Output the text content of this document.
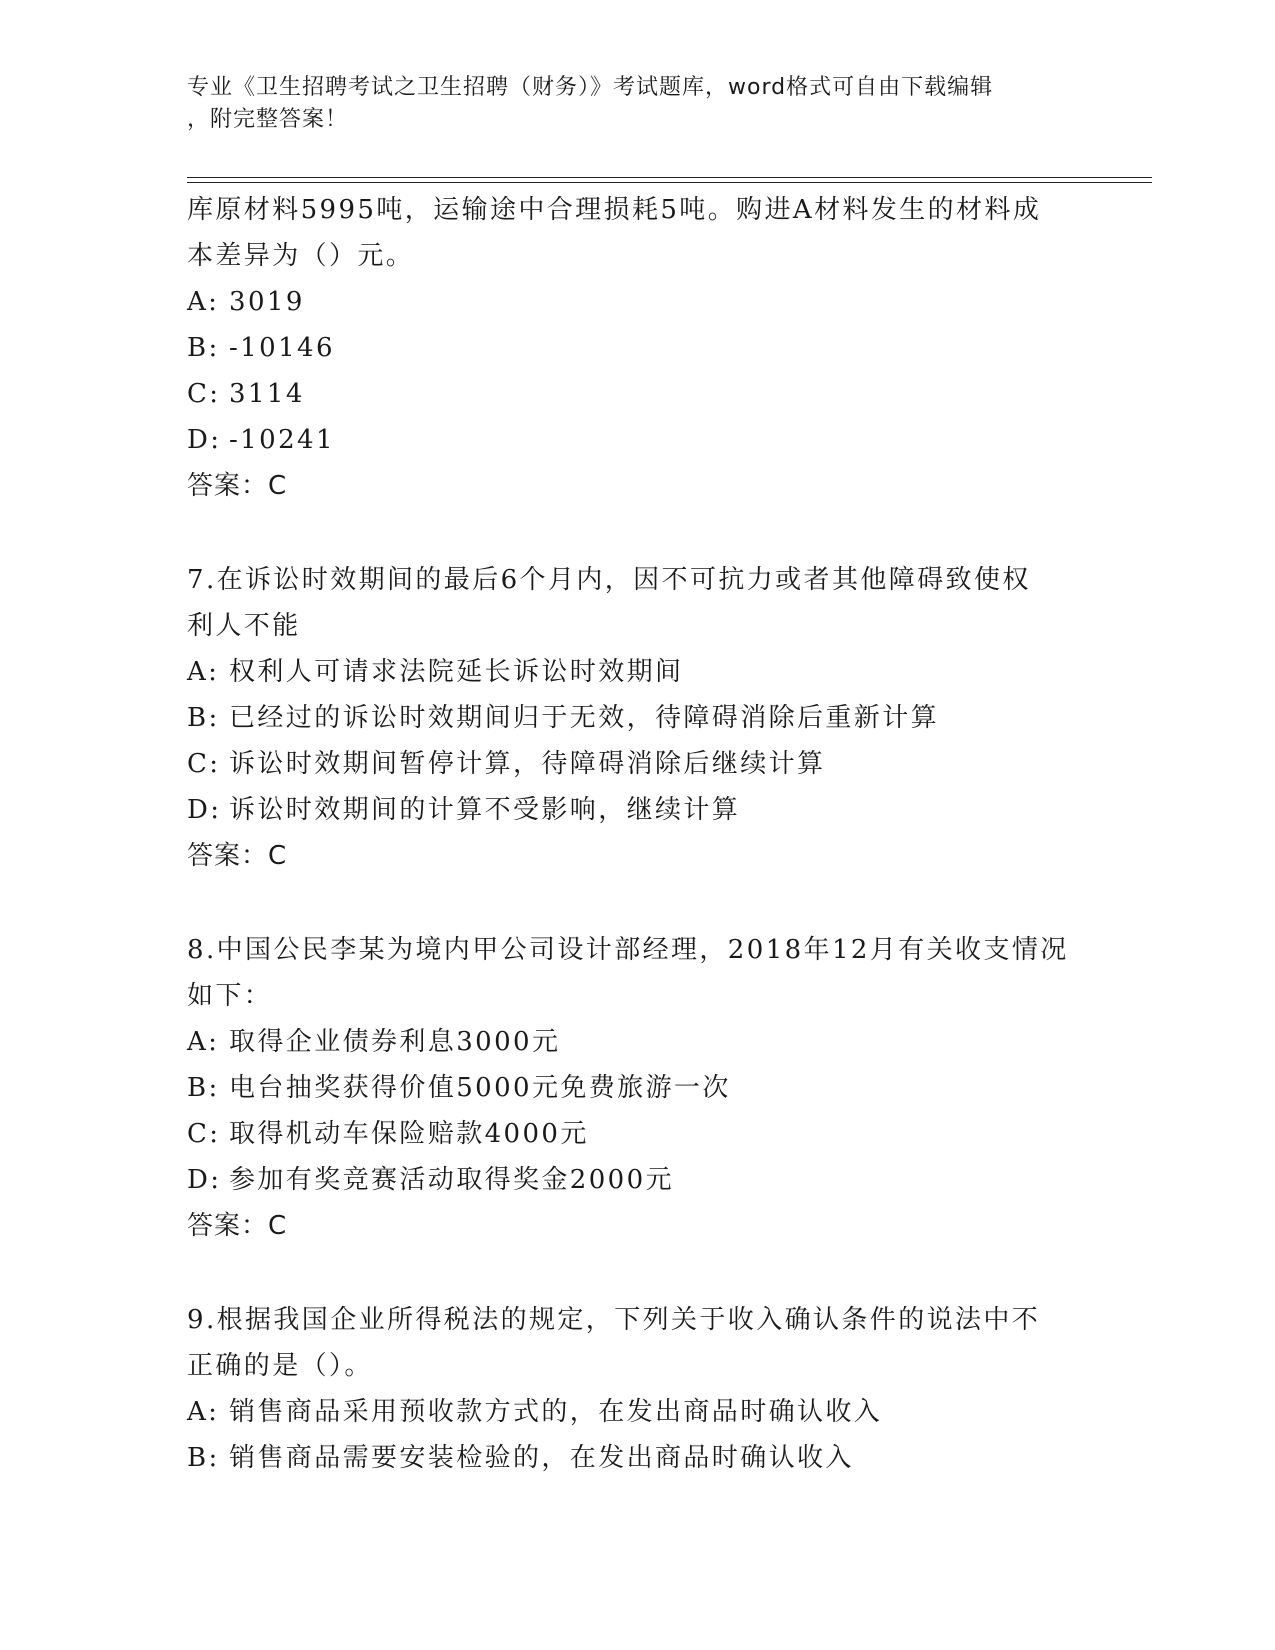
专业《卫生招聘考试之卫生招聘（财务）》考试题库，word格式可自由下载编辑
，附完整答案！
库原材料5995吨，运输途中合理损耗5吨。购进A材料发生的材料成
本差异为（）元。
A: 3019
B: -10146
C: 3114
D: -10241
答案：C
7.在诉讼时效期间的最后6个月内，因不可抗力或者其他障碍致使权
利人不能
A: 权利人可请求法院延长诉讼时效期间
B: 已经过的诉讼时效期间归于无效，待障碍消除后重新计算
C: 诉讼时效期间暂停计算，待障碍消除后继续计算
D: 诉讼时效期间的计算不受影响，继续计算
答案：C
8.中国公民李某为境内甲公司设计部经理，2018年12月有关收支情况
如下：
A: 取得企业债券利息3000元
B: 电台抽奖获得价值5000元免费旅游一次
C: 取得机动车保险赔款4000元
D: 参加有奖竞赛活动取得奖金2000元
答案：C
9.根据我国企业所得税法的规定，下列关于收入确认条件的说法中不
正确的是（）。
A: 销售商品采用预收款方式的，在发出商品时确认收入
B: 销售商品需要安装检验的，在发出商品时确认收入
